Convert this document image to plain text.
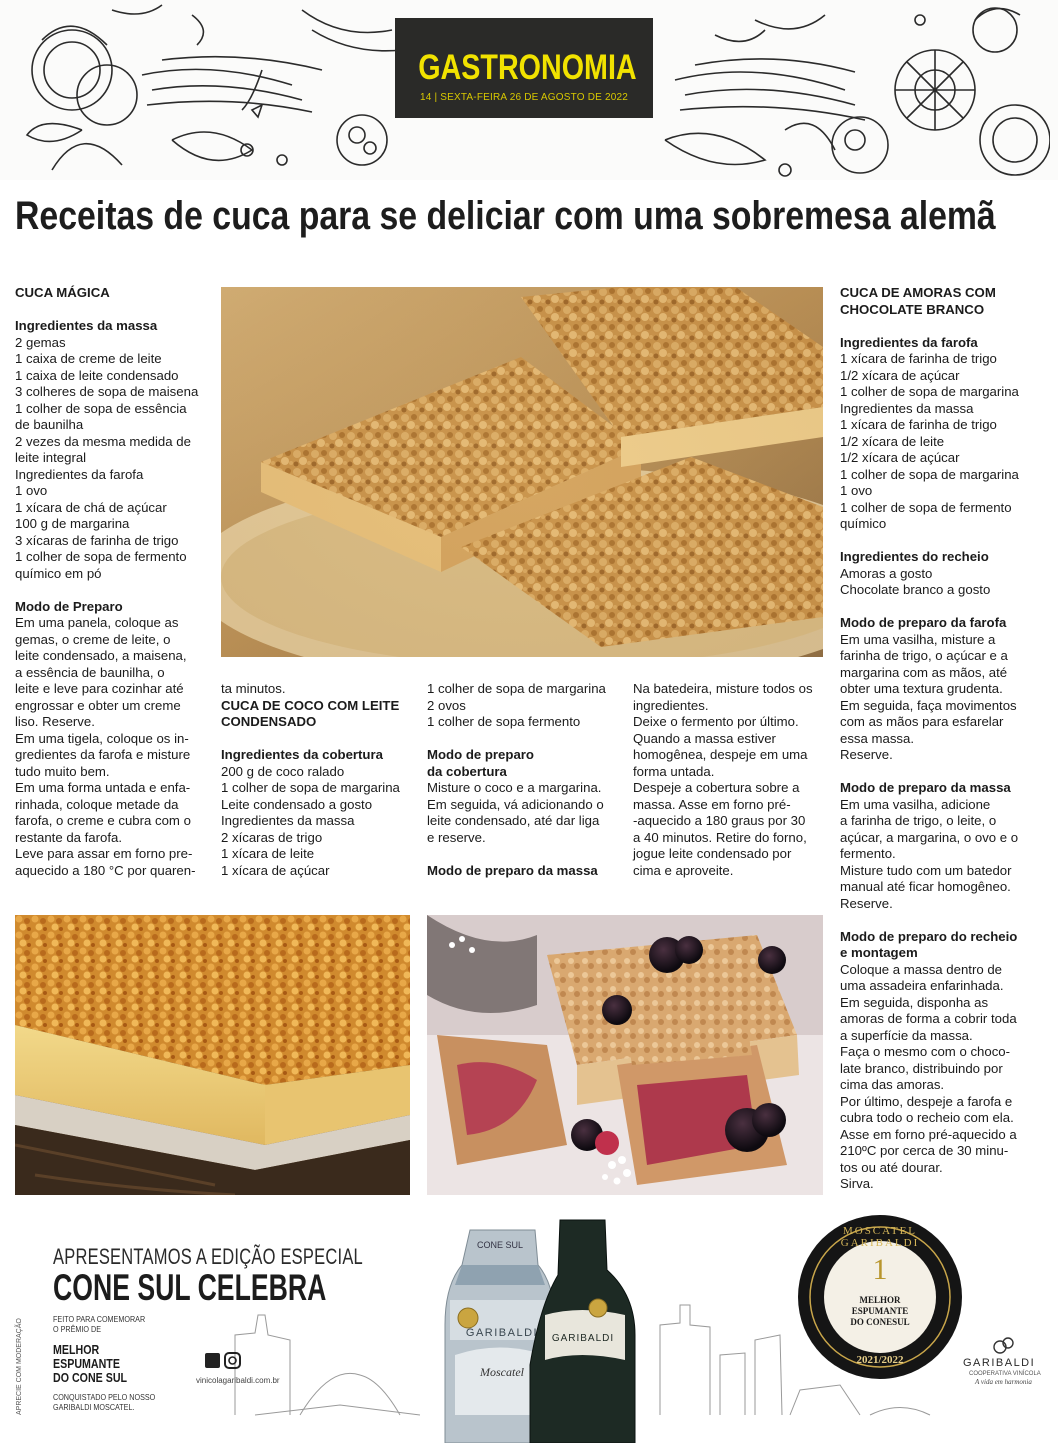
GASTRONOMIA
14 | SEXTA-FEIRA 26 DE AGOSTO DE 2022
Receitas de cuca para se deliciar com uma sobremesa alemã

CUCA MÁGICA

Ingredientes da massa

2 gemas

1 caixa de creme de leite

1 caixa de leite condensado

3 colheres de sopa de maisena

1 colher de sopa de essência

de baunilha

2 vezes da mesma medida de

leite integral

Ingredientes da farofa

1 ovo

1 xícara de chá de açúcar

100 g de margarina

3 xícaras de farinha de trigo

1 colher de sopa de fermento

químico em pó

Modo de Preparo

Em uma panela, coloque as

gemas, o creme de leite, o

leite condensado, a maisena,

a essência de baunilha, o

leite e leve para cozinhar até

engrossar e obter um creme

liso. Reserve.

Em uma tigela, coloque os in-

gredientes da farofa e misture

tudo muito bem.

Em uma forma untada e enfa-

rinhada, coloque metade da

farofa, o creme e cubra com o

restante da farofa.

Leve para assar em forno pre-

aquecido a 180 °C por quaren-

ta minutos.

CUCA DE COCO COM LEITE

CONDENSADO

Ingredientes da cobertura

200 g de coco ralado

1 colher de sopa de margarina

Leite condensado a gosto

Ingredientes da massa

2 xícaras de trigo

1 xícara de leite

1 xícara de açúcar

1 colher de sopa de margarina

2 ovos

1 colher de sopa fermento

Modo de preparo

da cobertura

Misture o coco e a margarina.

Em seguida, vá adicionando o

leite condensado, até dar liga

e reserve.

Modo de preparo da massa

Na batedeira, misture todos os

ingredientes.

Deixe o fermento por último.

Quando a massa estiver

homogênea, despeje em uma

forma untada.

Despeje a cobertura sobre a

massa. Asse em forno pré-

-aquecido a 180 graus por 30

a 40 minutos. Retire do forno,

jogue leite condensado por

cima e aproveite.

CUCA DE AMORAS COM

CHOCOLATE BRANCO

Ingredientes da farofa

1 xícara de farinha de trigo

1/2 xícara de açúcar

1 colher de sopa de margarina

Ingredientes da massa

1 xícara de farinha de trigo

1/2 xícara de leite

1/2 xícara de açúcar

1 colher de sopa de margarina

1 ovo

1 colher de sopa de fermento

químico

Ingredientes do recheio

Amoras a gosto

Chocolate branco a gosto

Modo de preparo da farofa

Em uma vasilha, misture a

farinha de trigo, o açúcar e a

margarina com as mãos, até

obter uma textura grudenta.

Em seguida, faça movimentos

com as mãos para esfarelar

essa massa.

Reserve.

Modo de preparo da massa

Em uma vasilha, adicione

a farinha de trigo, o leite, o

açúcar, a margarina, o ovo e o

fermento.

Misture tudo com um batedor

manual até ficar homogêneo.

Reserve.

Modo de preparo do recheio

e montagem

Coloque a massa dentro de

uma assadeira enfarinhada.

Em seguida, disponha as

amoras de forma a cobrir toda

a superfície da massa.

Faça o mesmo com o choco-

late branco, distribuindo por

cima das amoras.

Por último, despeje a farofa e

cubra todo o recheio com ela.

Asse em forno pré-aquecido a

210ºC por cerca de 30 minu-

tos ou até dourar.

Sirva.

APRESENTAMOS A EDIÇÃO ESPECIAL
CONE SUL CELEBRA
FEITO PARA COMEMORAR
O PRÊMIO DE
MELHOR
ESPUMANTE
DO CONE SUL
CONQUISTADO PELO NOSSO
GARIBALDI MOSCATEL.
APRECIE COM MODERAÇÃO	vinicolagaribaldi.com.br
GARIBALDI
CONE SUL
Moscatel
GARIBALDI
MOSCATEL GARIBALDI
1
MELHOR
ESPUMANTE
DO CONESUL
2021/2022	GARIBALDI
COOPERATIVA VINÍCOLA
A vida em harmonia
